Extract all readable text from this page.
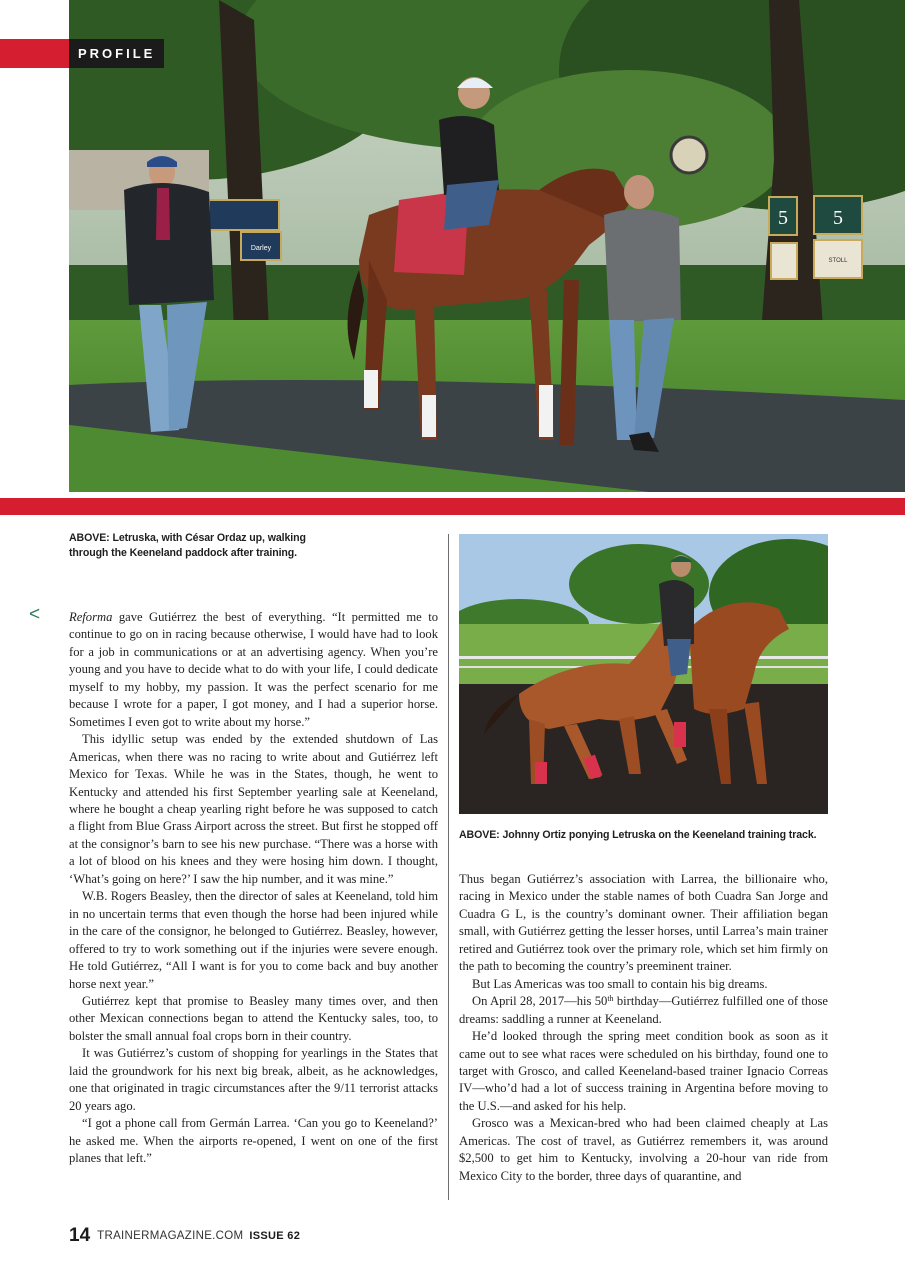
Darley
5 5
STOLL
PROFILE
ABOVE: Letruska, with César Ordaz up, walking through the Keeneland paddock after training.
< Reforma gave Gutiérrez the best of everything. “It permitted me to continue to go on in racing because otherwise, I would have had to look for a job in communications or at an advertising agency. When you’re young and you have to decide what to do with your life, I could dedicate myself to my hobby, my passion. It was the perfect scenario for me because I wrote for a paper, I got money, and I had a superior horse. Sometimes I even got to write about my horse.”

This idyllic setup was ended by the extended shutdown of Las Americas, when there was no racing to write about and Gutiérrez left Mexico for Texas. While he was in the States, though, he went to Kentucky and attended his first September yearling sale at Keeneland, where he bought a cheap yearling right before he was supposed to catch a flight from Blue Grass Airport across the street. But first he stopped off at the consignor’s barn to see his new purchase. “There was a horse with a lot of blood on his knees and they were hosing him down. I thought, ‘What’s going on here?’ I saw the hip number, and it was mine.”

W.B. Rogers Beasley, then the director of sales at Keeneland, told him in no uncertain terms that even though the horse had been injured while in the care of the consignor, he belonged to Gutiérrez. Beasley, however, offered to try to work something out if the injuries were severe enough. He told Gutiérrez, “All I want is for you to come back and buy another horse next year.”

Gutiérrez kept that promise to Beasley many times over, and then other Mexican connections began to attend the Kentucky sales, too, to bolster the small annual foal crops born in their country.

It was Gutiérrez’s custom of shopping for yearlings in the States that laid the groundwork for his next big break, albeit, as he acknowledges, one that originated in tragic circumstances after the 9/11 terrorist attacks 20 years ago.

“I got a phone call from Germán Larrea. ‘Can you go to Keeneland?’ he asked me. When the airports re-opened, I went on one of the first planes that left.”

ABOVE: Johnny Ortiz ponying Letruska on the Keeneland training track.

Thus began Gutiérrez’s association with Larrea, the billionaire who, racing in Mexico under the stable names of both Cuadra San Jorge and Cuadra G L, is the country’s dominant owner. Their affiliation began small, with Gutiérrez getting the lesser horses, until Larrea’s main trainer retired and Gutiérrez took over the primary role, which set him firmly on the path to becoming the country’s preeminent trainer.

But Las Americas was too small to contain his big dreams.

On April 28, 2017—his 50th birthday—Gutiérrez fulfilled one of those dreams: saddling a runner at Keeneland.

He’d looked through the spring meet condition book as soon as it came out to see what races were scheduled on his birthday, found one to target with Grosco, and called Keeneland-based trainer Ignacio Correas IV—who’d had a lot of success training in Argentina before moving to the U.S.—and asked for his help.

Grosco was a Mexican-bred who had been claimed cheaply at Las Americas. The cost of travel, as Gutiérrez remembers it, was around $2,500 to get him to Kentucky, involving a 20-hour van ride from Mexico City to the border, three days of quarantine, and

14 TRAINERMAGAZINE.COM ISSUE 62
